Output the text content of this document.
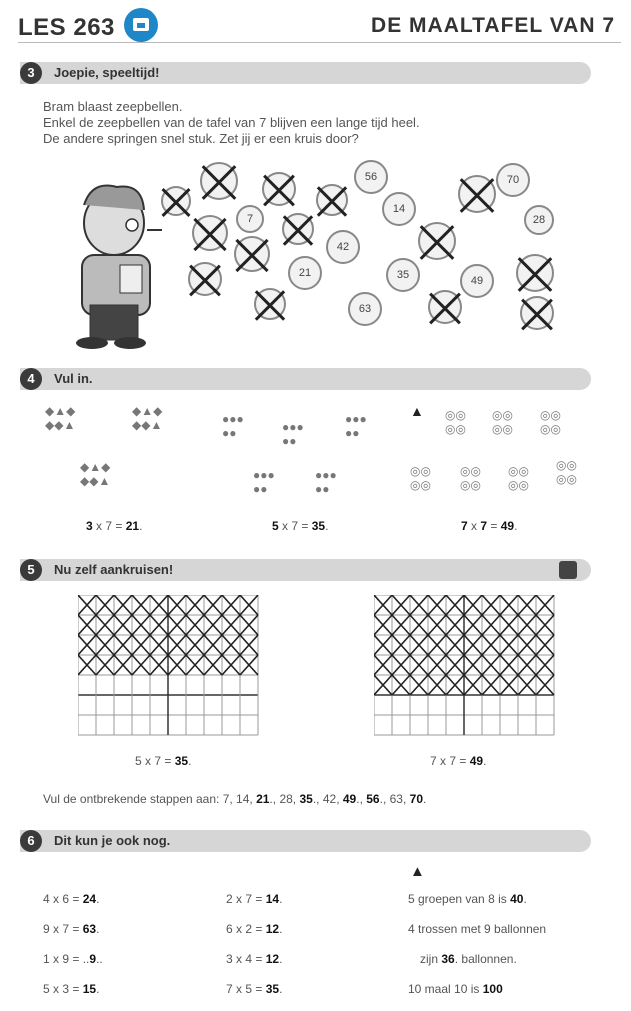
LES 263	DE MAALTAFEL VAN 7
3	Joepie, speeltijd!
Bram blaast zeepbellen.
Enkel de zeepbellen van de tafel van 7 blijven een lange tijd heel.
De andere springen snel stuk. Zet jij er een kruis door?
56
14
70
28
7
42
21	35	49
63
4	Vul in.
◆▲◆
◆◆▲
◆▲◆
◆◆▲
◆▲◆
◆◆▲
●●●
●●	●●●
●●
●●●
●●
●●●
●●
●●●
●●
▲ ◎◎
◎◎
◎◎
◎◎
◎◎
◎◎
◎◎
◎◎
◎◎
◎◎
◎◎
◎◎
◎◎
◎◎
3 x 7 = 21.	5 x 7 = 35.	7 x 7 = 49.
5	Nu zelf aankruisen!
5 x 7 = 35.	7 x 7 = 49.
Vul de ontbrekende stappen aan: 7, 14, 21., 28, 35., 42, 49., 56., 63, 70.
6	Dit kun je ook nog.
▲
4 x 6 = 24.
9 x 7 = 63.
1 x 9 = ..9..
5 x 3 = 15.
2 x 7 = 14.
6 x 2 = 12.
3 x 4 = 12.
7 x 5 = 35.
5 groepen van 8 is 40.
4 trossen met 9 ballonnen
zijn 36. ballonnen.
10 maal 10 is 100
